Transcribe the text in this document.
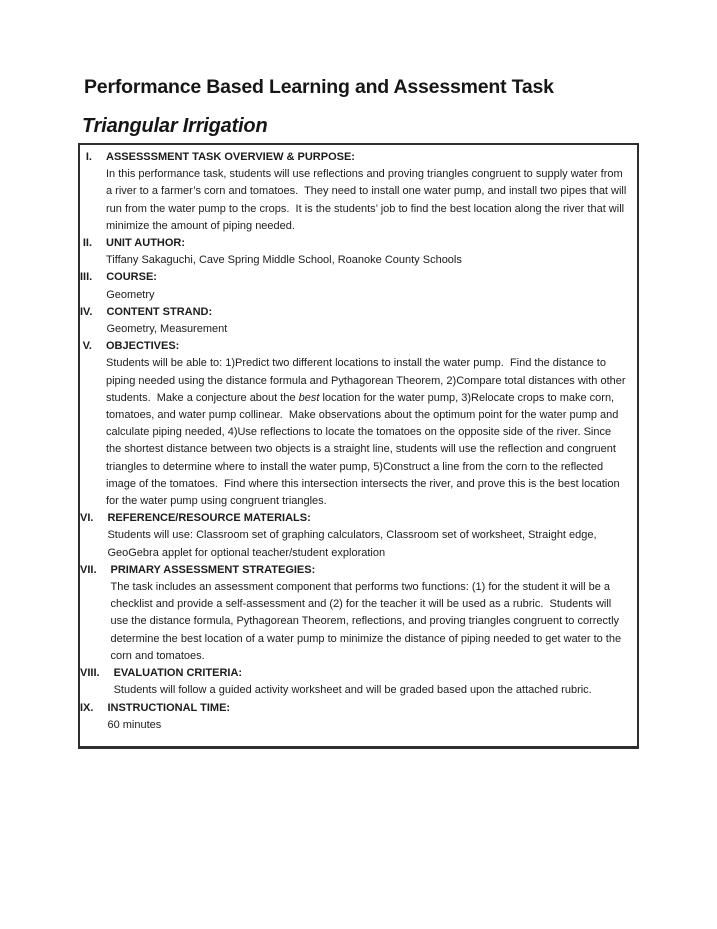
Performance Based Learning and Assessment Task
Triangular Irrigation
I.	ASSESSSMENT TASK OVERVIEW & PURPOSE:
In this performance task, students will use reflections and proving triangles congruent to supply water from a river to a farmer’s corn and tomatoes.  They need to install one water pump, and install two pipes that will run from the water pump to the crops.  It is the students’ job to find the best location along the river that will minimize the amount of piping needed.
II.	UNIT AUTHOR:
Tiffany Sakaguchi, Cave Spring Middle School, Roanoke County Schools
III.	COURSE:
Geometry
IV.	CONTENT STRAND:
Geometry, Measurement
V.	OBJECTIVES:
Students will be able to: 1)Predict two different locations to install the water pump.  Find the distance to piping needed using the distance formula and Pythagorean Theorem, 2)Compare total distances with other students.  Make a conjecture about the best location for the water pump, 3)Relocate crops to make corn, tomatoes, and water pump collinear.  Make observations about the optimum point for the water pump and calculate piping needed, 4)Use reflections to locate the tomatoes on the opposite side of the river. Since the shortest distance between two objects is a straight line, students will use the reflection and congruent triangles to determine where to install the water pump, 5)Construct a line from the corn to the reflected image of the tomatoes.  Find where this intersection intersects the river, and prove this is the best location for the water pump using congruent triangles.
VI.	REFERENCE/RESOURCE MATERIALS:
Students will use: Classroom set of graphing calculators, Classroom set of worksheet, Straight edge, GeoGebra applet for optional teacher/student exploration
VII.	PRIMARY ASSESSMENT STRATEGIES:
The task includes an assessment component that performs two functions: (1) for the student it will be a checklist and provide a self-assessment and (2) for the teacher it will be used as a rubric.  Students will use the distance formula, Pythagorean Theorem, reflections, and proving triangles congruent to correctly determine the best location of a water pump to minimize the distance of piping needed to get water to the corn and tomatoes.
VIII.	EVALUATION CRITERIA:
Students will follow a guided activity worksheet and will be graded based upon the attached rubric.
IX.	INSTRUCTIONAL TIME:
60 minutes
